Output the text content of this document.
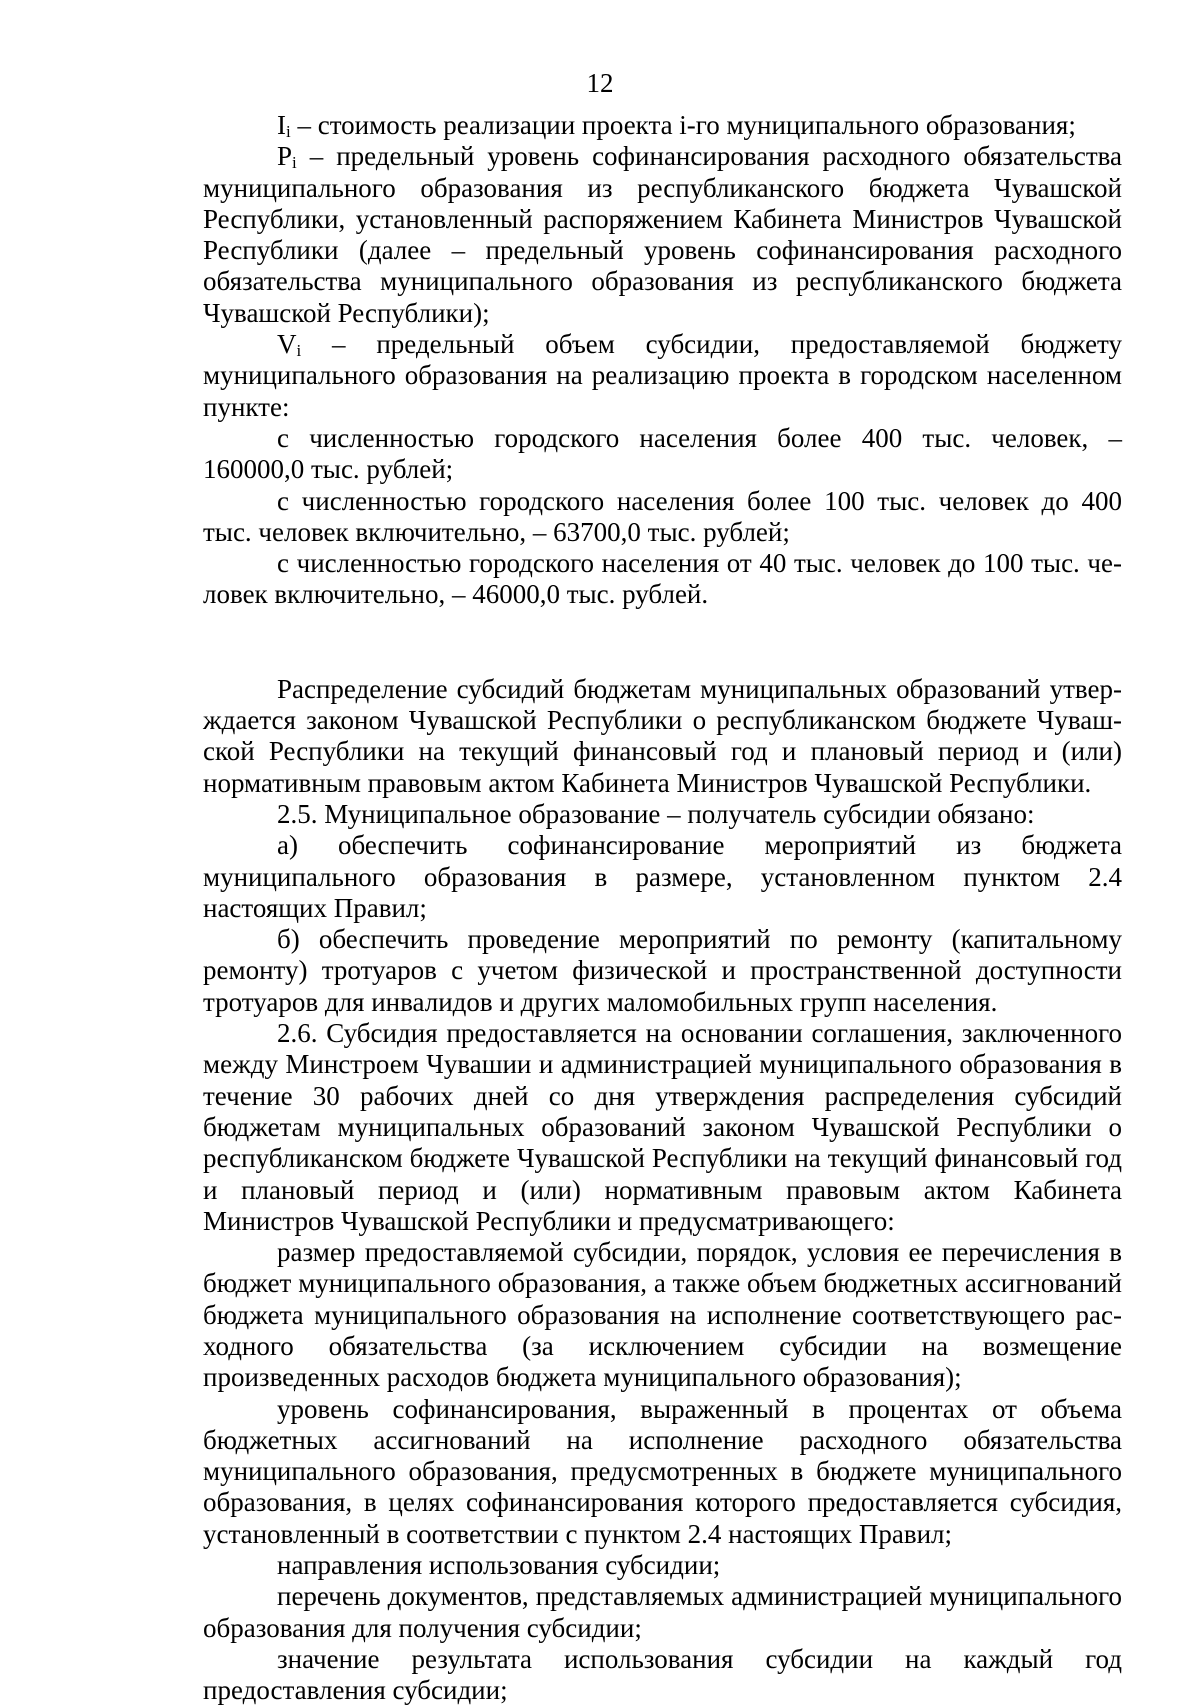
12

$I_i$ – стоимость реализации проекта i-го муниципального образования;

$P_i$ – предельный уровень софинансирования расходного обязательства муниципального образования из республиканского бюджета Чувашской Республики, установленный распоряжением Кабинета Министров Чувашской Республики (далее – предельный уровень софинансирования расходного обязательства муниципального образования из республиканского бюджета Чувашской Республики);

$V_i$ – предельный объем субсидии, предоставляемой бюджету муниципального образования на реализацию проекта в городском населенном пункте:

с численностью городского населения более 400 тыс. человек, – 160000,0 тыс. рублей;

с численностью городского населения более 100 тыс. человек до 400 тыс. человек включительно, – 63700,0 тыс. рублей;

с численностью городского населения от 40 тыс. человек до 100 тыс. человек включительно, – 46000,0 тыс. рублей.

Распределение субсидий бюджетам муниципальных образований утверждается законом Чувашской Республики о республиканском бюджете Чувашской Республики на текущий финансовый год и плановый период и (или) нормативным правовым актом Кабинета Министров Чувашской Республики.

2.5. Муниципальное образование – получатель субсидии обязано:

а) обеспечить софинансирование мероприятий из бюджета муниципального образования в размере, установленном пунктом 2.4 настоящих Правил;

б) обеспечить проведение мероприятий по ремонту (капитальному ремонту) тротуаров с учетом физической и пространственной доступности тротуаров для инвалидов и других маломобильных групп населения.

2.6. Субсидия предоставляется на основании соглашения, заключенного между Минстроем Чувашии и администрацией муниципального образования в течение 30 рабочих дней со дня утверждения распределения субсидий бюджетам муниципальных образований законом Чувашской Республики о республиканском бюджете Чувашской Республики на текущий финансовый год и плановый период и (или) нормативным правовым актом Кабинета Министров Чувашской Республики и предусматривающего:

размер предоставляемой субсидии, порядок, условия ее перечисления в бюджет муниципального образования, а также объем бюджетных ассигнований бюджета муниципального образования на исполнение соответствующего расходного обязательства (за исключением субсидии на возмещение произведенных расходов бюджета муниципального образования);

уровень софинансирования, выраженный в процентах от объема бюджетных ассигнований на исполнение расходного обязательства муниципального образования, предусмотренных в бюджете муниципального образования, в целях софинансирования которого предоставляется субсидия, установленный в соответствии с пунктом 2.4 настоящих Правил;

направления использования субсидии;

перечень документов, представляемых администрацией муниципального образования для получения субсидии;

значение результата использования субсидии на каждый год предоставления субсидии;
